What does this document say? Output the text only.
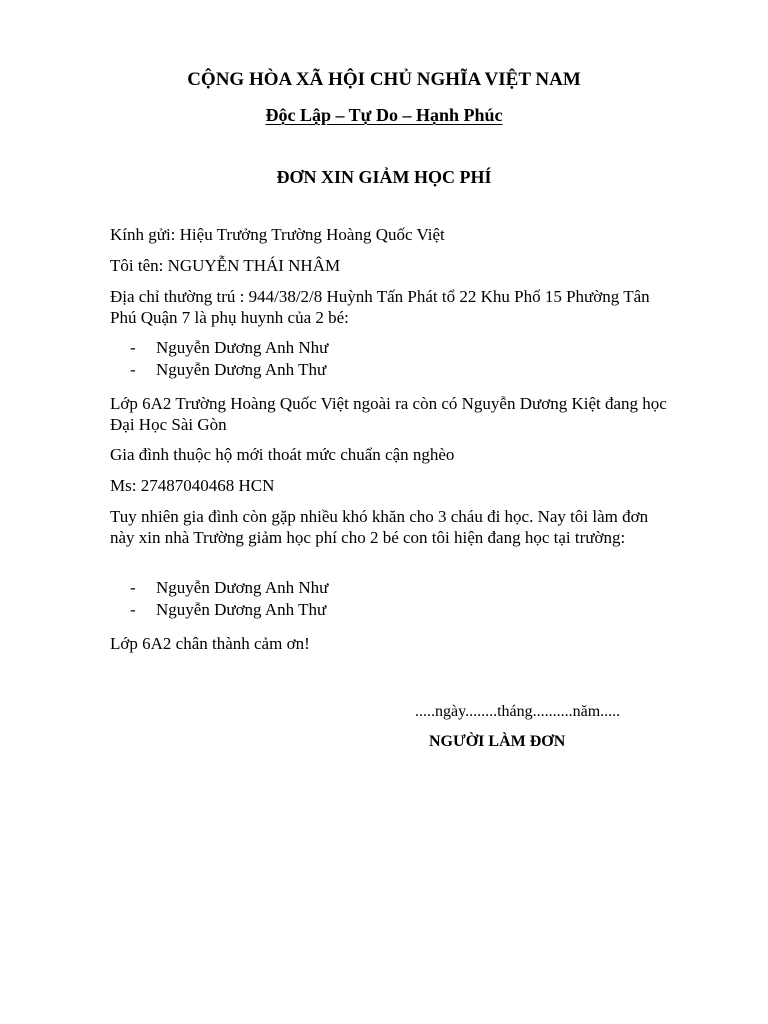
CỘNG HÒA XÃ HỘI CHỦ NGHĨA VIỆT NAM
Độc Lập – Tự Do – Hạnh Phúc
ĐƠN XIN GIẢM HỌC PHÍ

Kính gửi: Hiệu Trưởng Trường Hoàng Quốc Việt

Tôi tên: NGUYỄN THÁI NHÂM

Địa chỉ thường trú : 944/38/2/8 Huỳnh Tấn Phát tổ 22 Khu Phố 15 Phường Tân Phú Quận 7 là phụ huynh của 2 bé:

-	Nguyễn Dương Anh Như
-	Nguyễn Dương Anh Thư

Lớp 6A2 Trường Hoàng Quốc Việt ngoài ra còn có Nguyễn Dương Kiệt đang học Đại Học Sài Gòn

Gia đình thuộc hộ mới thoát mức chuẩn cận nghèo

Ms: 27487040468 HCN

Tuy nhiên gia đình còn gặp nhiều khó khăn cho 3 cháu đi học. Nay tôi làm đơn này xin nhà Trường giảm học phí cho 2 bé con tôi hiện đang học tại trường:

-	Nguyễn Dương Anh Như
-	Nguyễn Dương Anh Thư

Lớp 6A2 chân thành cảm ơn!

.....ngày........tháng..........năm.....
NGƯỜI LÀM ĐƠN
